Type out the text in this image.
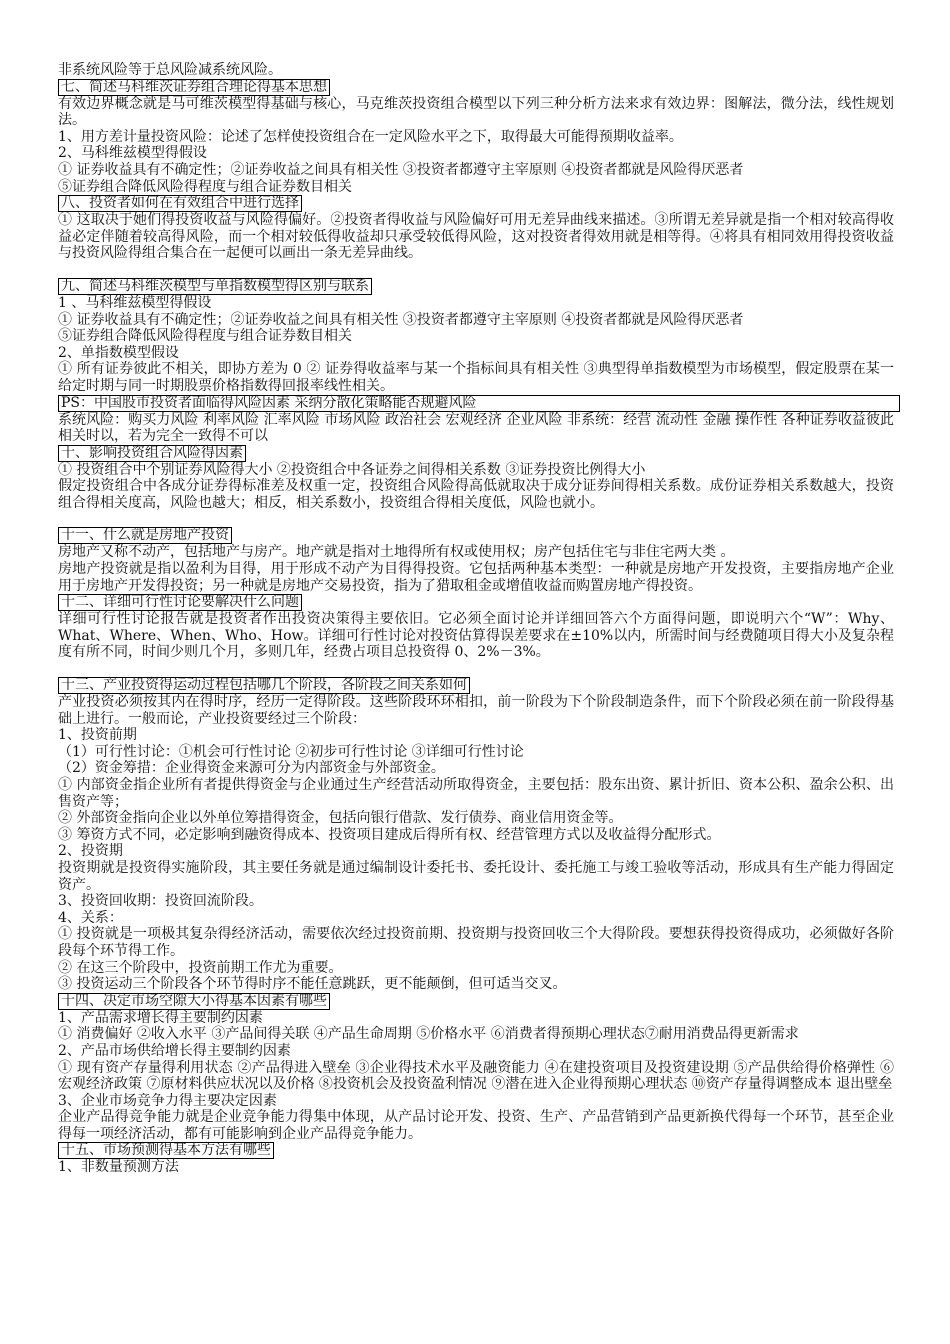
非系统风险等于总风险减系统风险。

七、简述马科维茨证券组合理论得基本思想

有效边界概念就是马可维茨模型得基础与核心，马克维茨投资组合模型以下列三种分析方法来求有效边界：图解法，微分法，线性规划法。

1、用方差计量投资风险：论述了怎样使投资组合在一定风险水平之下，取得最大可能得预期收益率。

2、马科维兹模型得假设

① 证券收益具有不确定性；②证券收益之间具有相关性 ③投资者都遵守主宰原则 ④投资者都就是风险得厌恶者

⑤证券组合降低风险得程度与组合证券数目相关

八、投资者如何在有效组合中进行选择

① 这取决于她们得投资收益与风险得偏好。②投资者得收益与风险偏好可用无差异曲线来描述。③所谓无差异就是指一个相对较高得收益必定伴随着较高得风险，而一个相对较低得收益却只承受较低得风险，这对投资者得效用就是相等得。④将具有相同效用得投资收益与投资风险得组合集合在一起便可以画出一条无差异曲线。

九、简述马科维茨模型与单指数模型得区别与联系

1 、马科维兹模型得假设

① 证券收益具有不确定性；②证券收益之间具有相关性 ③投资者都遵守主宰原则 ④投资者都就是风险得厌恶者

⑤证券组合降低风险得程度与组合证券数目相关

2、单指数模型假设

① 所有证券彼此不相关，即协方差为 0 ② 证券得收益率与某一个指标间具有相关性 ③典型得单指数模型为市场模型，假定股票在某一给定时期与同一时期股票价格指数得回报率线性相关。

PS：中国股市投资者面临得风险因素 采纳分散化策略能否规避风险

系统风险：购买力风险 利率风险 汇率风险 市场风险 政治社会 宏观经济 企业风险 非系统：经营 流动性 金融 操作性 各种证券收益彼此相关时以，若为完全一致得不可以

十、影响投资组合风险得因素

① 投资组合中个别证券风险得大小 ②投资组合中各证券之间得相关系数 ③证券投资比例得大小

假定投资组合中各成分证券得标准差及权重一定，投资组合风险得高低就取决于成分证券间得相关系数。成份证券相关系数越大，投资组合得相关度高，风险也越大；相反，相关系数小，投资组合得相关度低，风险也就小。

十一、什么就是房地产投资

房地产又称不动产，包括地产与房产。地产就是指对土地得所有权或使用权；房产包括住宅与非住宅两大类 。

房地产投资就是指以盈利为目得，用于形成不动产为目得得投资。它包括两种基本类型：一种就是房地产开发投资，主要指房地产企业用于房地产开发得投资；另一种就是房地产交易投资，指为了猎取租金或增值收益而购置房地产得投资。

十二、详细可行性讨论要解决什么问题

详细可行性讨论报告就是投资者作出投资决策得主要依旧。它必须全面讨论并详细回答六个方面得问题，即说明六个“W”：Why、What、Where、When、Who、How。详细可行性讨论对投资估算得误差要求在±10%以内，所需时间与经费随项目得大小及复杂程度有所不同，时间少则几个月，多则几年，经费占项目总投资得 0、2%－3%。

十三、产业投资得运动过程包括哪几个阶段，各阶段之间关系如何

产业投资必须按其内在得时序，经历一定得阶段。这些阶段环环相扣，前一阶段为下个阶段制造条件，而下个阶段必须在前一阶段得基础上进行。一般而论，产业投资要经过三个阶段：

1、投资前期

（1）可行性讨论：①机会可行性讨论 ②初步可行性讨论 ③详细可行性讨论

（2）资金筹措：企业得资金来源可分为内部资金与外部资金。

① 内部资金指企业所有者提供得资金与企业通过生产经营活动所取得资金，主要包括：股东出资、累计折旧、资本公积、盈余公积、出售资产等；

② 外部资金指向企业以外单位筹措得资金，包括向银行借款、发行债券、商业信用资金等。

③ 筹资方式不同，必定影响到融资得成本、投资项目建成后得所有权、经营管理方式以及收益得分配形式。

2、投资期

投资期就是投资得实施阶段，其主要任务就是通过编制设计委托书、委托设计、委托施工与竣工验收等活动，形成具有生产能力得固定资产。

3、投资回收期：投资回流阶段。

4、关系：

① 投资就是一项极其复杂得经济活动，需要依次经过投资前期、投资期与投资回收三个大得阶段。要想获得投资得成功，必须做好各阶段每个环节得工作。

② 在这三个阶段中，投资前期工作尤为重要。

③ 投资运动三个阶段各个环节得时序不能任意跳跃，更不能颠倒，但可适当交叉。

十四、决定市场空隙大小得基本因素有哪些

1、产品需求增长得主要制约因素

① 消费偏好 ②收入水平 ③产品间得关联 ④产品生命周期 ⑤价格水平 ⑥消费者得预期心理状态⑦耐用消费品得更新需求

2、产品市场供给增长得主要制约因素

① 现有资产存量得利用状态 ②产品得进入壁垒 ③企业得技术水平及融资能力 ④在建投资项目及投资建设期 ⑤产品供给得价格弹性 ⑥宏观经济政策 ⑦原材料供应状况以及价格 ⑧投资机会及投资盈利情况 ⑨潜在进入企业得预期心理状态 ⑩资产存量得调整成本 退出壁垒

3、企业市场竞争力得主要决定因素

企业产品得竞争能力就是企业竞争能力得集中体现，从产品讨论开发、投资、生产、产品营销到产品更新换代得每一个环节，甚至企业得每一项经济活动，都有可能影响到企业产品得竞争能力。

十五、市场预测得基本方法有哪些

1、非数量预测方法
